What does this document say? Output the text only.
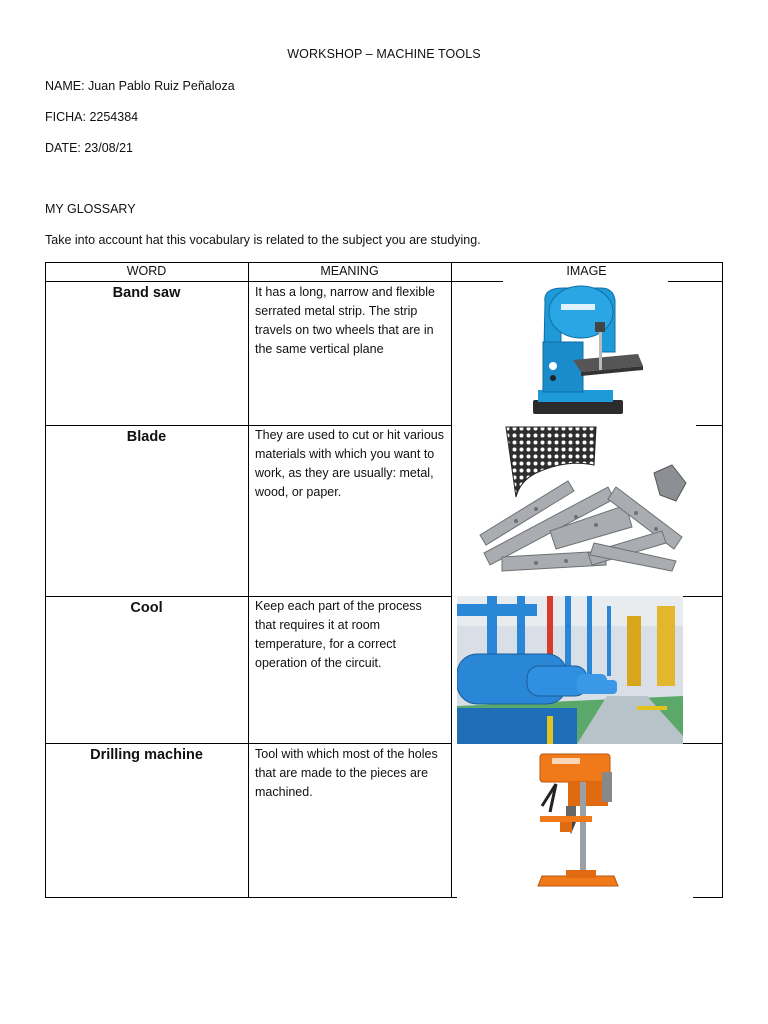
WORKSHOP – MACHINE TOOLS
NAME: Juan Pablo Ruiz Peñaloza
FICHA: 2254384
DATE: 23/08/21
MY GLOSSARY
Take into account hat this vocabulary is related to the subject you are studying.
WORD	MEANING	IMAGE
Band saw	It has a long, narrow and flexible serrated metal strip. The strip travels on two wheels that are in the same vertical plane
Blade	They are used to cut or hit various materials with which you want to work, as they are usually: metal, wood, or paper.
Cool	Keep each part of the process that requires it at room temperature, for a correct operation of the circuit.
Drilling machine	Tool with which most of the holes that are made to the pieces are machined.
